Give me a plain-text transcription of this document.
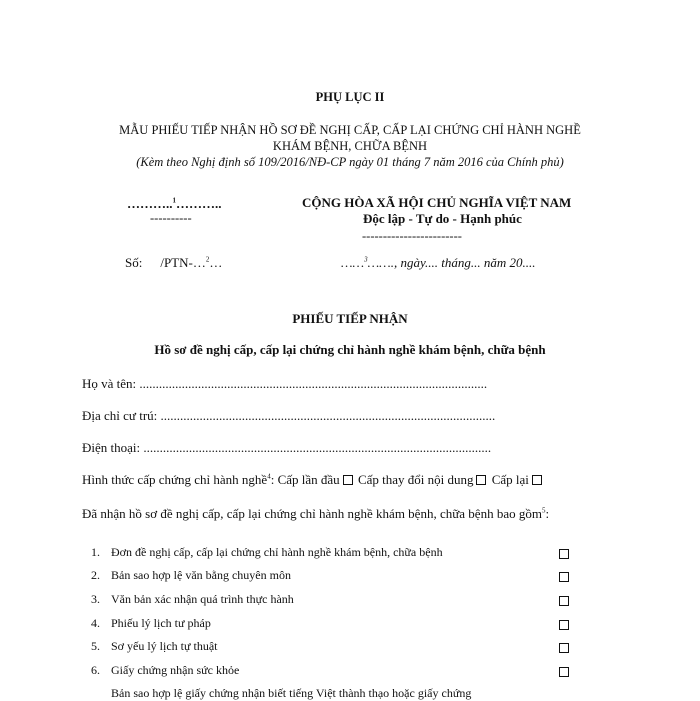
PHỤ LỤC II
MẪU PHIẾU TIẾP NHẬN HỒ SƠ ĐỀ NGHỊ CẤP, CẤP LẠI CHỨNG CHỈ HÀNH NGHỀ
KHÁM BỆNH, CHỮA BỆNH
(Kèm theo Nghị định số 109/2016/NĐ-CP ngày 01 tháng 7 năm 2016 của Chính phủ)
………..$^1$………..
----------
CỘNG HÒA XÃ HỘI CHỦ NGHĨA VIỆT NAM
Độc lập - Tự do - Hạnh phúc
------------------------
Số: /PTN-…$^2$…	……$^3$……., ngày.... tháng... năm 20....
PHIẾU TIẾP NHẬN
Hồ sơ đề nghị cấp, cấp lại chứng chỉ hành nghề khám bệnh, chữa bệnh
Họ và tên: ...........................................................................................................
Địa chỉ cư trú: .......................................................................................................
Điện thoại: ...........................................................................................................
Hình thức cấp chứng chỉ hành nghề$^4$: Cấp lần đầu Cấp thay đổi nội dung Cấp lại
Đã nhận hồ sơ đề nghị cấp, cấp lại chứng chỉ hành nghề khám bệnh, chữa bệnh bao gồm$^5$:
1. Đơn đề nghị cấp, cấp lại chứng chỉ hành nghề khám bệnh, chữa bệnh
2. Bản sao hợp lệ văn bằng chuyên môn
3. Văn bản xác nhận quá trình thực hành
4. Phiếu lý lịch tư pháp
5. Sơ yếu lý lịch tự thuật
6. Giấy chứng nhận sức khỏe
Bản sao hợp lệ giấy chứng nhận biết tiếng Việt thành thạo hoặc giấy chứng
